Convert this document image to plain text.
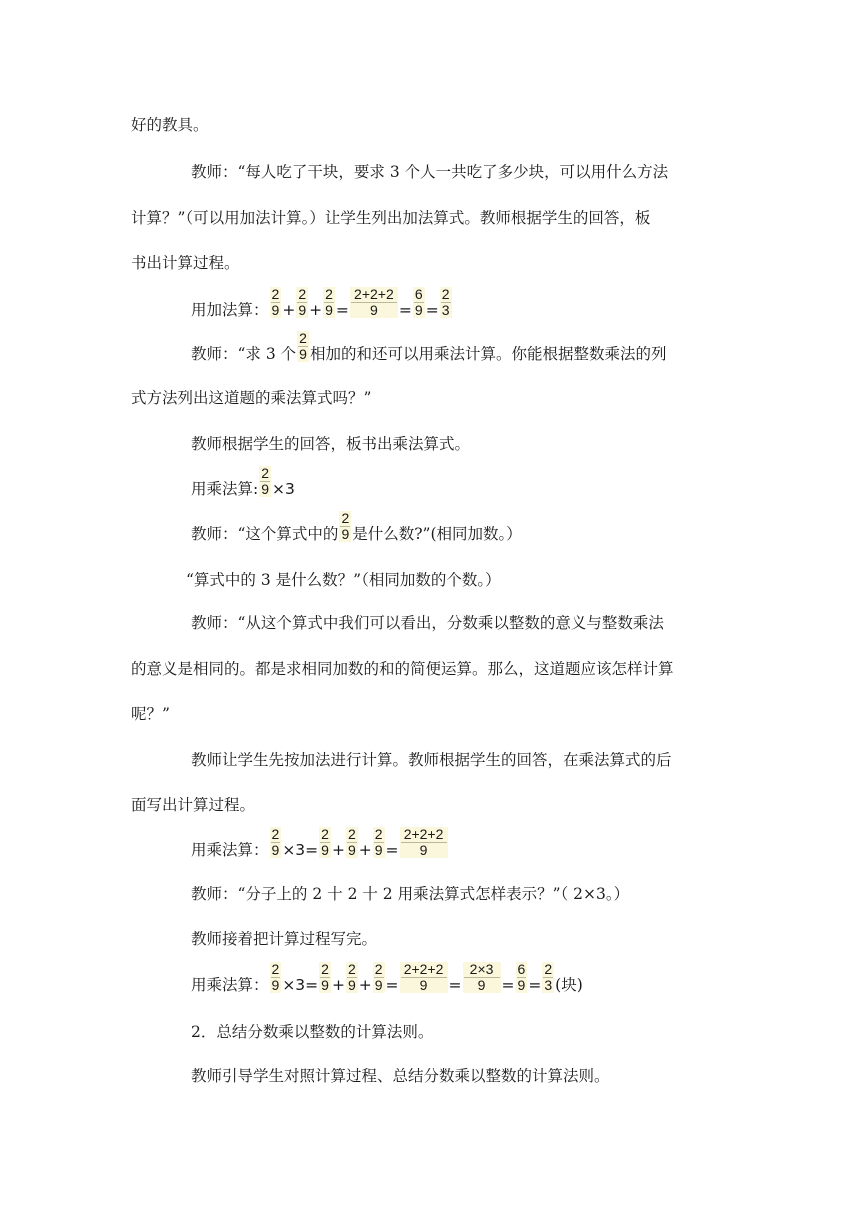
好的教具。
教师：“每人吃了干块，要求 3 个人一共吃了多少块，可以用什么方法
计算？”（可以用加法计算。）让学生列出加法算式。教师根据学生的回答，板
书出计算过程。
用加法算： $\frac{2}{9} + \frac{2}{9} + \frac{2}{9} = \frac{2+2+2}{9} = \frac{6}{9} = \frac{2}{3}$
教师：“求 3 个 $\frac{2}{9}$ 相加的和还可以用乘法计算。你能根据整数乘法的列
式方法列出这道题的乘法算式吗？”
教师根据学生的回答，板书出乘法算式。
用乘法算: $\frac{2}{9} \times 3$
教师：“这个算式中的 $\frac{2}{9}$ 是什么数?”(相同加数。）
“算式中的 3 是什么数？”（相同加数的个数。）
教师：“从这个算式中我们可以看出，分数乘以整数的意义与整数乘法
的意义是相同的。都是求相同加数的和的简便运算。那么，这道题应该怎样计算
呢？”
教师让学生先按加法进行计算。教师根据学生的回答，在乘法算式的后
面写出计算过程。
用乘法算： $\frac{2}{9} \times 3= \frac{2}{9} + \frac{2}{9} + \frac{2}{9} = \frac{2+2+2}{9}$
教师：“分子上的 2 十 2 十 2 用乘法算式怎样表示？”（ 2×3。）
教师接着把计算过程写完。
用乘法算： $\frac{2}{9} \times 3= \frac{2}{9} + \frac{2}{9} + \frac{2}{9} = \frac{2+2+2}{9} = \frac{2\times 3}{9} = \frac{6}{9} = \frac{2}{3}$ (块)
2．总结分数乘以整数的计算法则。
教师引导学生对照计算过程、总结分数乘以整数的计算法则。
